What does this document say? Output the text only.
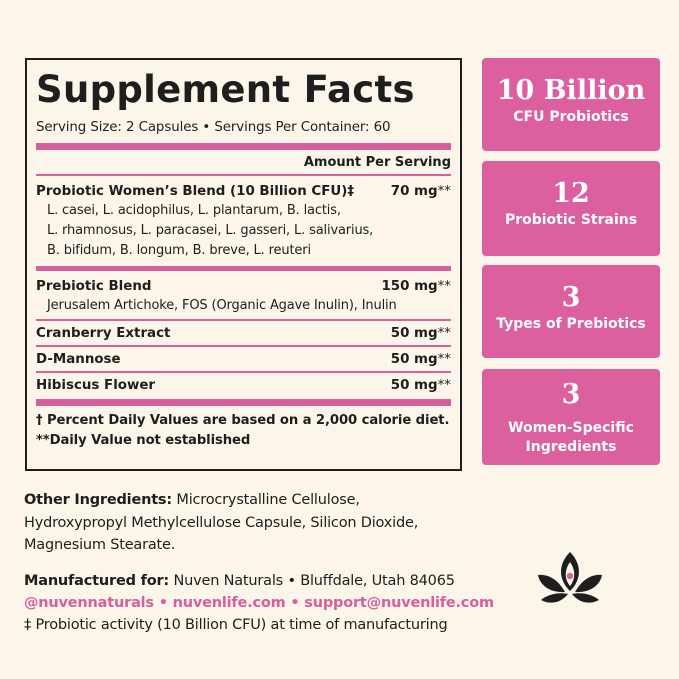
Supplement Facts
Serving Size: 2 Capsules • Servings Per Container: 60
Amount Per Serving
Probiotic Women’s Blend (10 Billion CFU)‡	70 mg**
L. casei, L. acidophilus, L. plantarum, B. lactis,
L. rhamnosus, L. paracasei, L. gasseri, L. salivarius,
B. bifidum, B. longum, B. breve, L. reuteri
Prebiotic Blend	150 mg**
Jerusalem Artichoke, FOS (Organic Agave Inulin), Inulin
Cranberry Extract	50 mg**
D-Mannose	50 mg**
Hibiscus Flower	50 mg**
† Percent Daily Values are based on a 2,000 calorie diet.
**Daily Value not established
10 Billion
CFU Probiotics
12
Probiotic Strains
3
Types of Prebiotics
3
Women-Specific Ingredients
Other Ingredients: Microcrystalline Cellulose, Hydroxypropyl Methylcellulose Capsule, Silicon Dioxide, Magnesium Stearate.
Manufactured for: Nuven Naturals • Bluffdale, Utah 84065
@nuvennaturals • nuvenlife.com • support@nuvenlife.com
‡ Probiotic activity (10 Billion CFU) at time of manufacturing
